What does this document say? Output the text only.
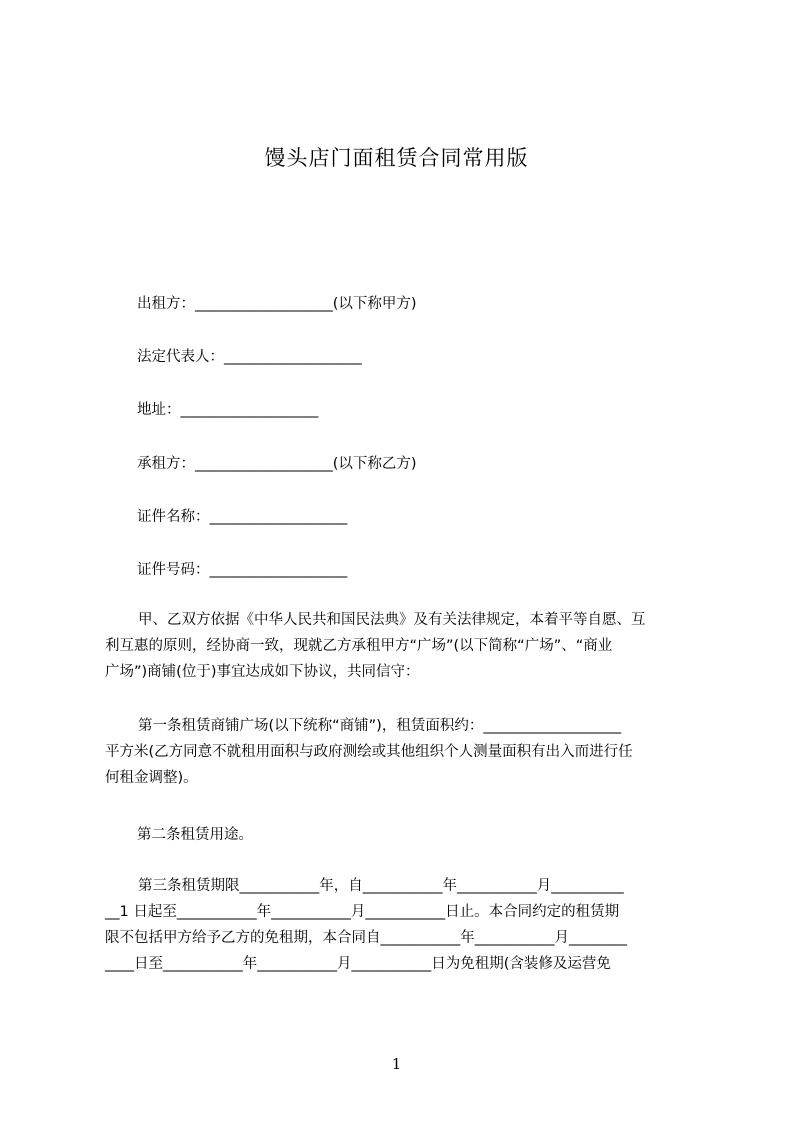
馒头店门面租赁合同常用版
出租方：___________________(以下称甲方)
法定代表人：___________________
地址：___________________
承租方：___________________(以下称乙方)
证件名称：___________________
证件号码：___________________
甲、乙双方依据《中华人民共和国民法典》及有关法律规定，本着平等自愿、互
利互惠的原则，经协商一致，现就乙方承租甲方“广场”(以下简称“广场”、“商业
广场”)商铺(位于)事宜达成如下协议，共同信守：
第一条租赁商铺广场(以下统称“商铺”)，租赁面积约：___________________
平方米(乙方同意不就租用面积与政府测绘或其他组织个人测量面积有出入而进行任
何租金调整)。
第二条租赁用途。
第三条租赁期限___________年，自___________年___________月__________
__1 日起至___________年___________月___________日止。本合同约定的租赁期
限不包括甲方给予乙方的免租期，本合同自___________年___________月________
____日至___________年___________月___________日为免租期(含装修及运营免
1
